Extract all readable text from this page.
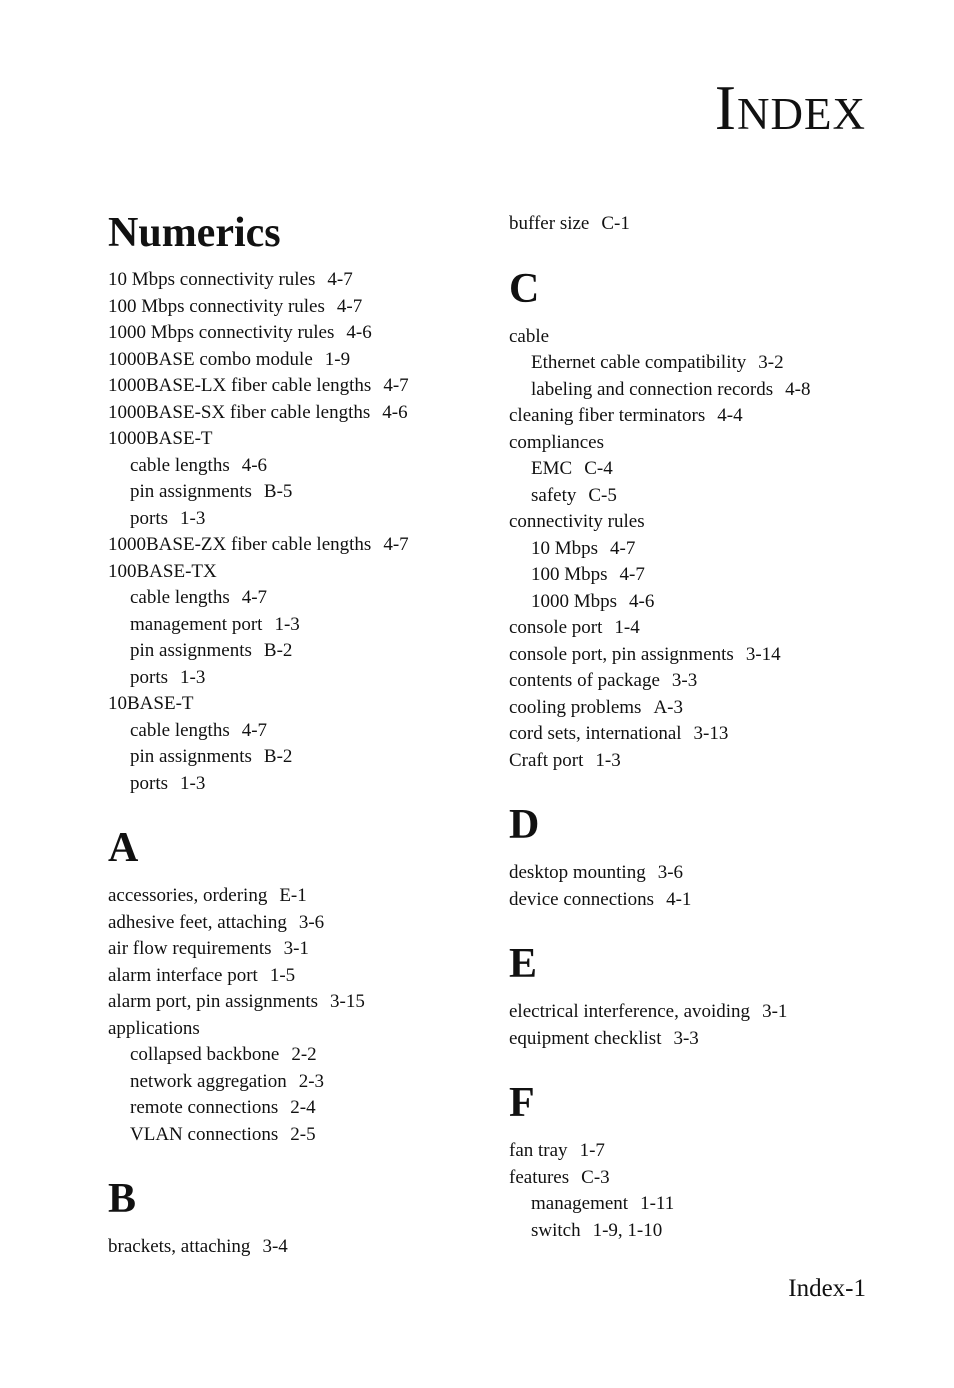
Index
Numerics
10 Mbps connectivity rules 4-7
100 Mbps connectivity rules 4-7
1000 Mbps connectivity rules 4-6
1000BASE combo module 1-9
1000BASE-LX fiber cable lengths 4-7
1000BASE-SX fiber cable lengths 4-6
1000BASE-T
cable lengths 4-6
pin assignments B-5
ports 1-3
1000BASE-ZX fiber cable lengths 4-7
100BASE-TX
cable lengths 4-7
management port 1-3
pin assignments B-2
ports 1-3
10BASE-T
cable lengths 4-7
pin assignments B-2
ports 1-3
A
accessories, ordering E-1
adhesive feet, attaching 3-6
air flow requirements 3-1
alarm interface port 1-5
alarm port, pin assignments 3-15
applications
collapsed backbone 2-2
network aggregation 2-3
remote connections 2-4
VLAN connections 2-5
B
brackets, attaching 3-4
buffer size C-1
C
cable
Ethernet cable compatibility 3-2
labeling and connection records 4-8
cleaning fiber terminators 4-4
compliances
EMC C-4
safety C-5
connectivity rules
10 Mbps 4-7
100 Mbps 4-7
1000 Mbps 4-6
console port 1-4
console port, pin assignments 3-14
contents of package 3-3
cooling problems A-3
cord sets, international 3-13
Craft port 1-3
D
desktop mounting 3-6
device connections 4-1
E
electrical interference, avoiding 3-1
equipment checklist 3-3
F
fan tray 1-7
features C-3
management 1-11
switch 1-9, 1-10
Index-1
